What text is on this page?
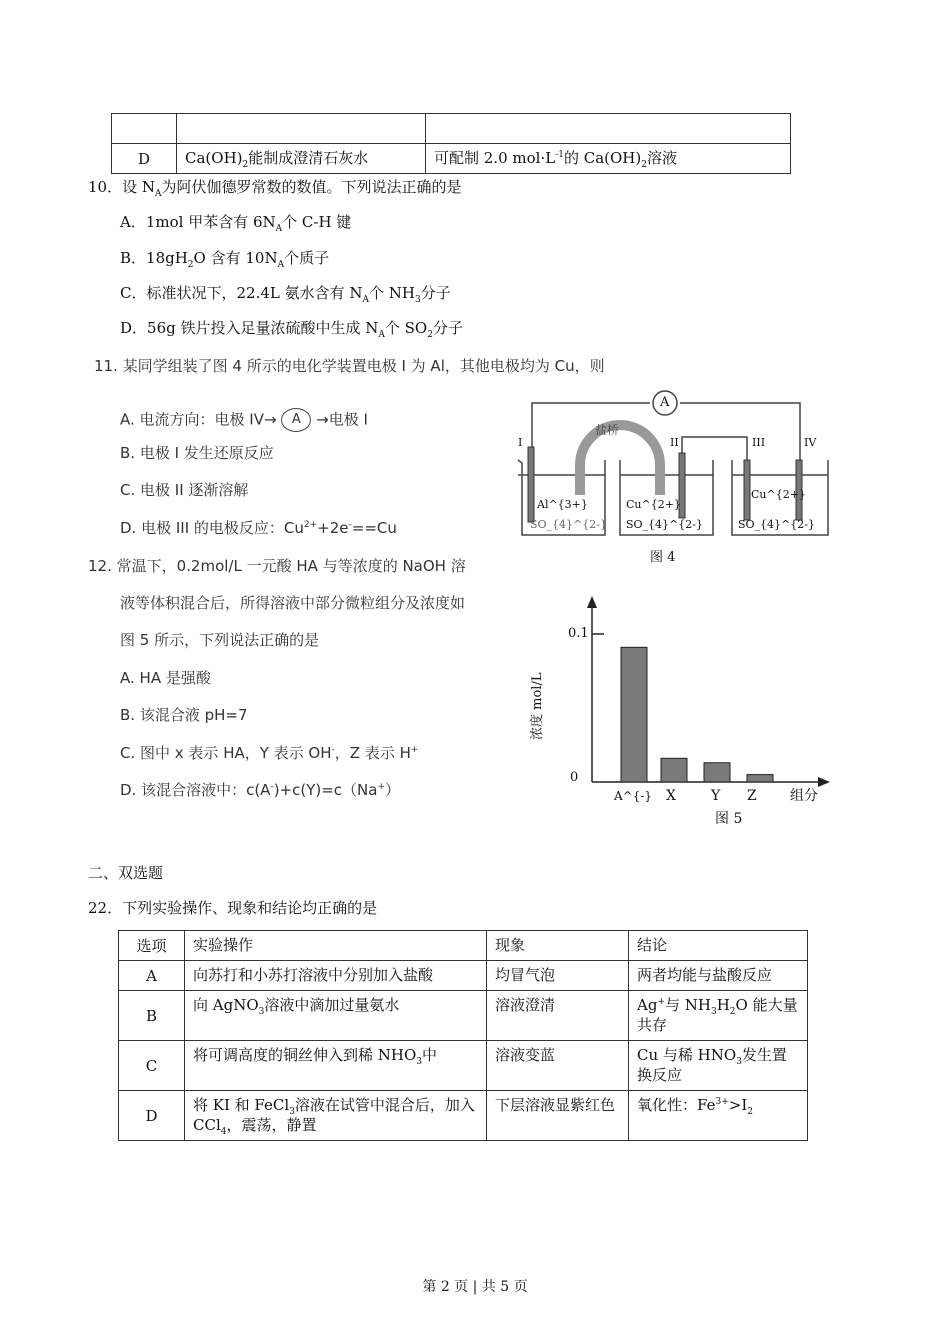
D	$Ca(OH)_2$能制成澄清石灰水	可配制 2.0 $mol\cdot L^{-1}$的 $Ca(OH)_2$溶液
10．设 $N_A$为阿伏伽德罗常数的数值。下列说法正确的是
A．1mol 甲苯含有 $6N_A$个 C-H 键
B．$18gH_2O$ 含有 $10N_A$个质子
C．标准状况下，22.4L 氨水含有 $N_A$个 $NH_3$分子
D．56g 铁片投入足量浓硫酸中生成 $N_A$个 $SO_2$分子
11. 某同学组装了图 4 所示的电化学装置电极 I 为 Al，其他电极均为 Cu，则
A. 电流方向：电极 IV→ A →电极 I
B. 电极 I 发生还原反应
C. 电极 II 逐渐溶解
D. 电极 III 的电极反应：$Cu^{2+}+2e^-==Cu$
A
盐桥
I	II	III	IV
Al^{3+}
SO_{4}^{2-}
Cu^{2+}
SO_{4}^{2-}
Cu^{2+}
SO_{4}^{2-}
图 4
12. 常温下，0.2mol/L 一元酸 HA 与等浓度的 NaOH 溶
液等体积混合后，所得溶液中部分微粒组分及浓度如
图 5 所示，下列说法正确的是
A. HA 是强酸
B. 该混合液 pH=7
C. 图中 x 表示 HA，Y 表示 OH-，Z 表示 H+
D. 该混合溶液中：c(A-)+c(Y)=c（Na+）
0.1
0
浓度 mol/L
A^{-} X	Y Z 组分
图 5
二、双选题
22．下列实验操作、现象和结论均正确的是
选项	实验操作	现象	结论
A	向苏打和小苏打溶液中分别加入盐酸	均冒气泡	两者均能与盐酸反应
B	向 AgNO$_3$溶液中滴加过量氨水	溶液澄清	Ag+与 $NH_3H_2O$ 能大量共存
C	将可调高度的铜丝伸入到稀 $NHO_3$中	溶液变蓝	Cu 与稀 $HNO_3$发生置换反应
D	将 KI 和 FeCl$_3$溶液在试管中混合后，加入 CCl$_4$，震荡，静置	下层溶液显紫红色	氧化性：$Fe^{3+}>I_2$
第 2 页 | 共 5 页
